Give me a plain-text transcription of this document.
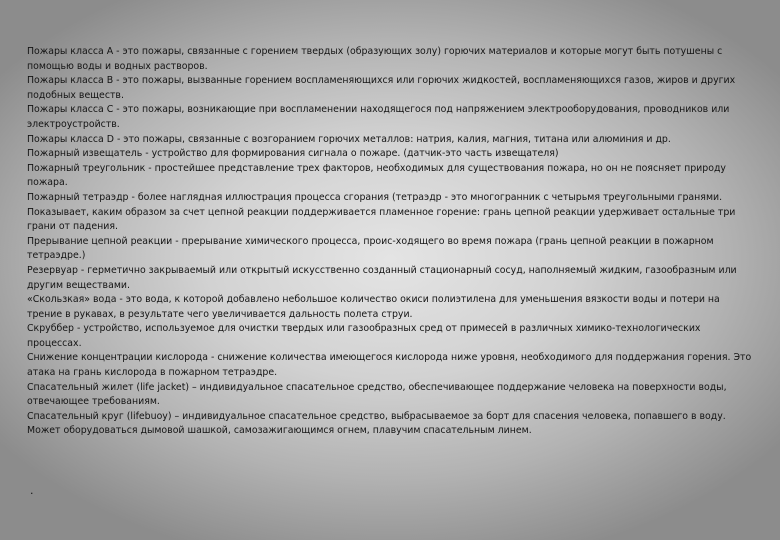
Пожары класса А - это пожары, связанные с горением твердых (образующих золу) горючих материалов и которые могут быть потушены с помощью воды и водных растворов.

Пожары класса В - это пожары, вызванные горением воспламеняющихся или горючих жидкостей, воспламеняющихся газов, жиров и других подобных веществ.

Пожары класса С - это пожары, возникающие при воспламенении находящегося под напряжением электрооборудования, проводников или электроустройств.

Пожары класса D - это пожары, связанные с возгоранием горючих металлов: натрия, калия, магния, титана или алюминия и др.

Пожарный извещатель - устройство для формирования сигнала о пожаре. (датчик-это часть извещателя)

Пожарный треугольник - простейшее представление трех факторов, необходимых для существования пожара, но он не поясняет природу пожара.

Пожарный тетраэдр - более наглядная иллюстрация процесса сгорания (тетраэдр - это многогранник с четырьмя треугольными гранями. Показывает, каким образом за счет цепной реакции поддерживается пламенное горение: грань цепной реакции удерживает остальные три грани от падения.

Прерывание цепной реакции - прерывание химического процесса, проис-ходящего во время пожара (грань цепной реакции в пожарном тетраэдре.)

Резервуар - герметично закрываемый или открытый искусственно созданный стационарный сосуд, наполняемый жидким, газообразным или другим веществами.

«Скользкая» вода - это вода, к которой добавлено небольшое количество окиси полиэтилена для уменьшения вязкости воды и потери на трение в рукавах, в результате чего увеличивается дальность полета струи.

Скруббер - устройство, используемое для очистки твердых или газообразных сред от примесей в различных химико-технологических процессах.

Снижение концентрации кислорода - снижение количества имеющегося кислорода ниже уровня, необходимого для поддержания горения. Это атака на грань кислорода в пожарном тетраэдре.

Спасательный жилет (life jacket) – индивидуальное спасательное средство, обеспечивающее поддержание человека на поверхности воды, отвечающее требованиям.

Спасательный круг (lifebuoy) – индивидуальное спасательное средство, выбрасываемое за борт для спасения человека, попавшего в воду. Может оборудоваться дымовой шашкой, самозажигающимся огнем, плавучим спасательным линем.

.
